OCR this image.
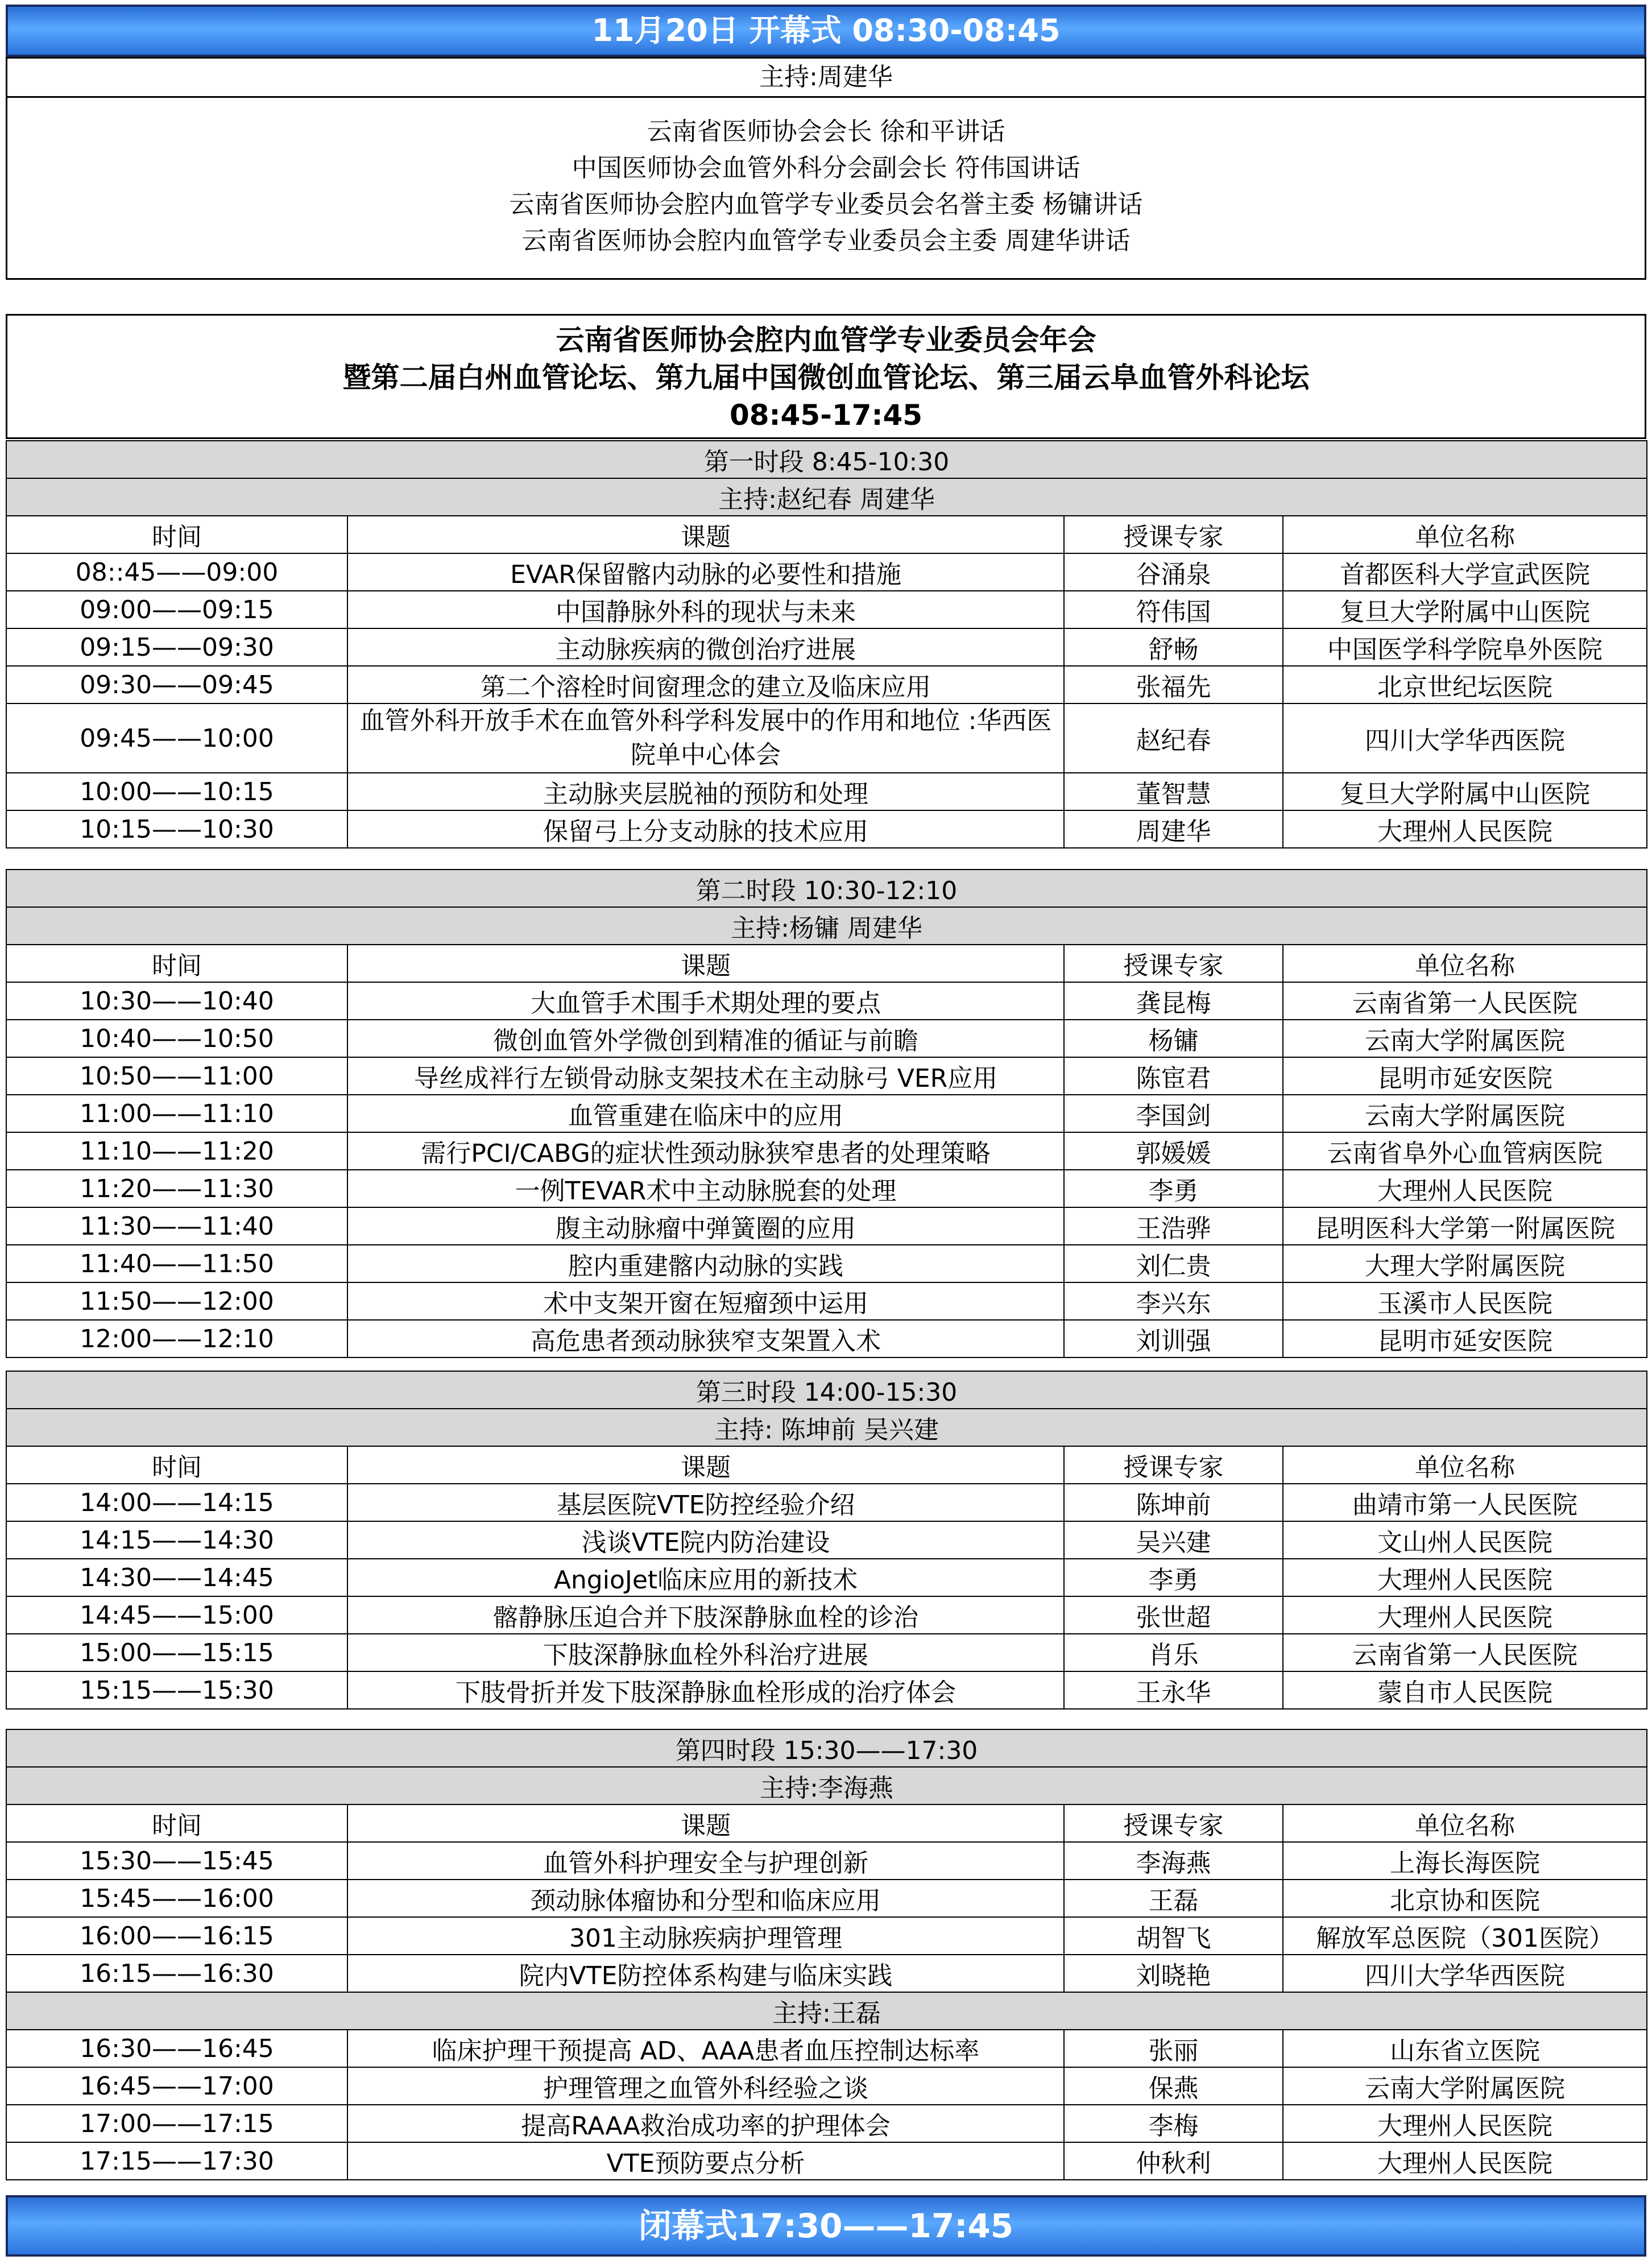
11月20日 开幕式 08:30-08:45
主持:周建华
云南省医师协会会长 徐和平讲话
中国医师协会血管外科分会副会长 符伟国讲话
云南省医师协会腔内血管学专业委员会名誉主委 杨镛讲话
云南省医师协会腔内血管学专业委员会主委 周建华讲话
云南省医师协会腔内血管学专业委员会年会
暨第二届白州血管论坛、第九届中国微创血管论坛、第三届云阜血管外科论坛
08:45-17:45
第一时段 8:45-10:30			
主持:赵纪春 周建华			
时间	课题	授课专家	单位名称
08::45——09:00	EVAR保留髂内动脉的必要性和措施	谷涌泉	首都医科大学宣武医院
09:00——09:15	中国静脉外科的现状与未来	符伟国	复旦大学附属中山医院
09:15——09:30	主动脉疾病的微创治疗进展	舒畅	中国医学科学院阜外医院
09:30——09:45	第二个溶栓时间窗理念的建立及临床应用	张福先	北京世纪坛医院
09:45——10:00	血管外科开放手术在血管外科学科发展中的作用和地位 :华西医院单中心体会	赵纪春	四川大学华西医院
10:00——10:15	主动脉夹层脱袖的预防和处理	董智慧	复旦大学附属中山医院
10:15——10:30	保留弓上分支动脉的技术应用	周建华	大理州人民医院
第二时段 10:30-12:10			
主持:杨镛 周建华			
时间	课题	授课专家	单位名称
10:30——10:40	大血管手术围手术期处理的要点	龚昆梅	云南省第一人民医院
10:40——10:50	微创血管外学微创到精准的循证与前瞻	杨镛	云南大学附属医院
10:50——11:00	导丝成袢行左锁骨动脉支架技术在主动脉弓 VER应用	陈宦君	昆明市延安医院
11:00——11:10	血管重建在临床中的应用	李国剑	云南大学附属医院
11:10——11:20	需行PCI/CABG的症状性颈动脉狭窄患者的处理策略	郭媛媛	云南省阜外心血管病医院
11:20——11:30	一例TEVAR术中主动脉脱套的处理	李勇	大理州人民医院
11:30——11:40	腹主动脉瘤中弹簧圈的应用	王浩骅	昆明医科大学第一附属医院
11:40——11:50	腔内重建髂内动脉的实践	刘仁贵	大理大学附属医院
11:50——12:00	术中支架开窗在短瘤颈中运用	李兴东	玉溪市人民医院
12:00——12:10	高危患者颈动脉狭窄支架置入术	刘训强	昆明市延安医院
第三时段 14:00-15:30			
主持: 陈坤前 吴兴建			
时间	课题	授课专家	单位名称
14:00——14:15	基层医院VTE防控经验介绍	陈坤前	曲靖市第一人民医院
14:15——14:30	浅谈VTE院内防治建设	吴兴建	文山州人民医院
14:30——14:45	AngioJet临床应用的新技术	李勇	大理州人民医院
14:45——15:00	髂静脉压迫合并下肢深静脉血栓的诊治	张世超	大理州人民医院
15:00——15:15	下肢深静脉血栓外科治疗进展	肖乐	云南省第一人民医院
15:15——15:30	下肢骨折并发下肢深静脉血栓形成的治疗体会	王永华	蒙自市人民医院
第四时段 15:30——17:30			
主持:李海燕			
时间	课题	授课专家	单位名称
15:30——15:45	血管外科护理安全与护理创新	李海燕	上海长海医院
15:45——16:00	颈动脉体瘤协和分型和临床应用	王磊	北京协和医院
16:00——16:15	301主动脉疾病护理管理	胡智飞	解放军总医院（301医院）
16:15——16:30	院内VTE防控体系构建与临床实践	刘晓艳	四川大学华西医院
主持:王磊			
16:30——16:45	临床护理干预提高 AD、AAA患者血压控制达标率	张丽	山东省立医院
16:45——17:00	护理管理之血管外科经验之谈	保燕	云南大学附属医院
17:00——17:15	提高RAAA救治成功率的护理体会	李梅	大理州人民医院
17:15——17:30	VTE预防要点分析	仲秋利	大理州人民医院
闭幕式17:30——17:45
